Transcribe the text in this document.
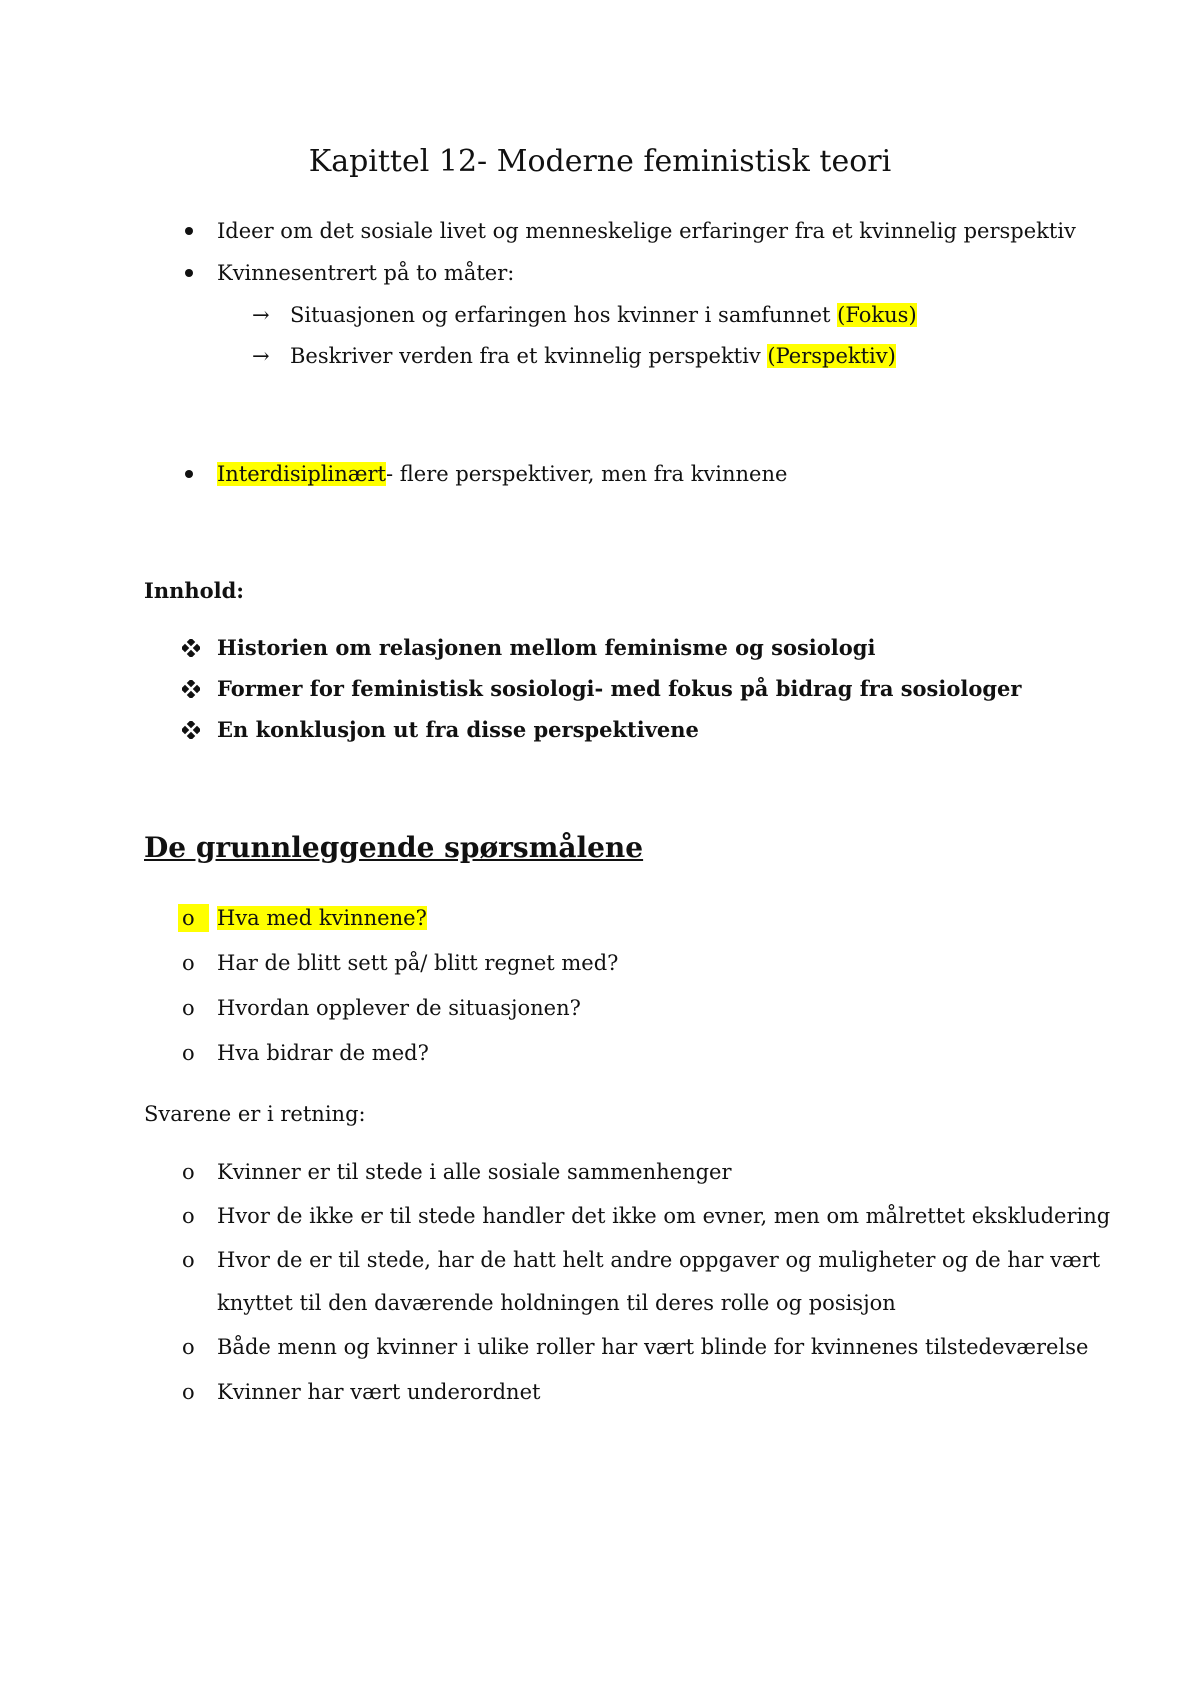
Kapittel 12- Moderne feministisk teori
Ideer om det sosiale livet og menneskelige erfaringer fra et kvinnelig perspektiv
Kvinnesentrert på to måter:
→ Situasjonen og erfaringen hos kvinner i samfunnet (Fokus)
→ Beskriver verden fra et kvinnelig perspektiv (Perspektiv)
Interdisiplinært- flere perspektiver, men fra kvinnene
Innhold:
Historien om relasjonen mellom feminisme og sosiologi
Former for feministisk sosiologi- med fokus på bidrag fra sosiologer
En konklusjon ut fra disse perspektivene
De grunnleggende spørsmålene
o	Hva med kvinnene?
o Har de blitt sett på/ blitt regnet med?
o Hvordan opplever de situasjonen?
o Hva bidrar de med?
Svarene er i retning:
o Kvinner er til stede i alle sosiale sammenhenger
o Hvor de ikke er til stede handler det ikke om evner, men om målrettet ekskludering
o Hvor de er til stede, har de hatt helt andre oppgaver og muligheter og de har vært
knyttet til den daværende holdningen til deres rolle og posisjon
o Både menn og kvinner i ulike roller har vært blinde for kvinnenes tilstedeværelse
o Kvinner har vært underordnet
